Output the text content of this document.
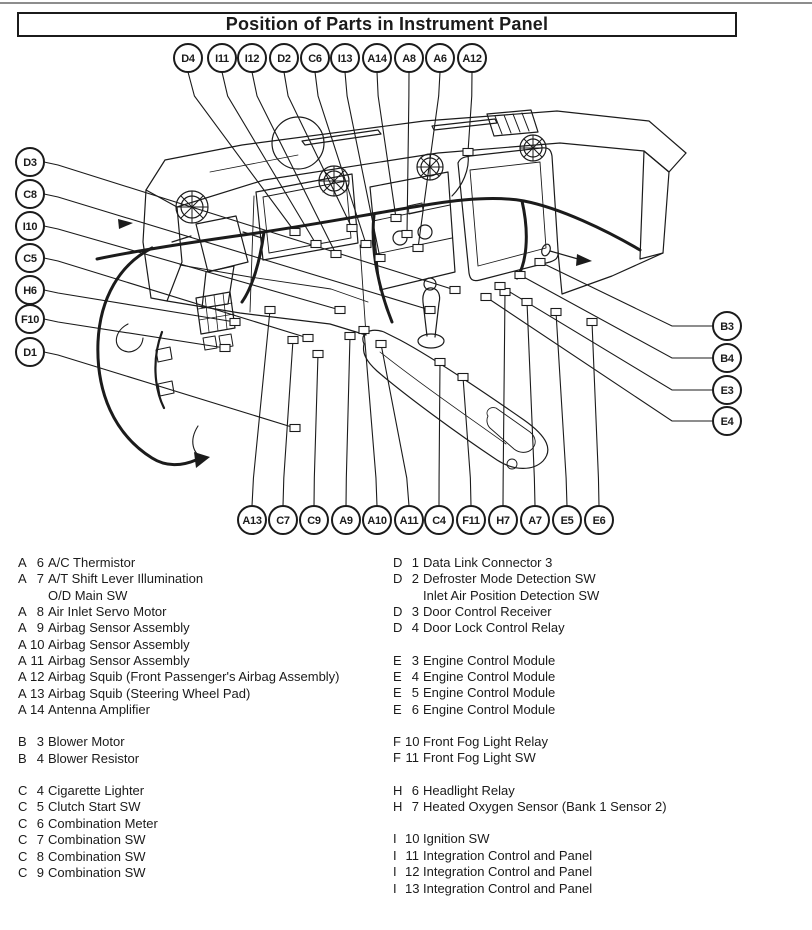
Position of Parts in Instrument Panel
D4 I11 I12 D2 C6 I13 A14 A8 A6 A12
A13 C7 C9 A9 A10 A11 C4 F11 H7 A7 E5 E6
D3
C8
I10
C5
H6
F10
D1
B3
B4
E3
E4
A 6 A/C Thermistor
A 7 A/T Shift Lever Illumination
O/D Main SW
A 8 Air Inlet Servo Motor
A 9 Airbag Sensor Assembly
A 10 Airbag Sensor Assembly
A 11 Airbag Sensor Assembly
A 12 Airbag Squib (Front Passenger's Airbag Assembly)
A 13 Airbag Squib (Steering Wheel Pad)
A 14 Antenna Amplifier
B 3 Blower Motor
B 4 Blower Resistor
C 4 Cigarette Lighter
C 5 Clutch Start SW
C 6 Combination Meter
C 7 Combination SW
C 8 Combination SW
C 9 Combination SW
D 1 Data Link Connector 3
D 2 Defroster Mode Detection SW
Inlet Air Position Detection SW
D 3 Door Control Receiver
D 4 Door Lock Control Relay
E 3 Engine Control Module
E 4 Engine Control Module
E 5 Engine Control Module
E 6 Engine Control Module
F 10 Front Fog Light Relay
F 11 Front Fog Light SW
H 6 Headlight Relay
H 7 Heated Oxygen Sensor (Bank 1 Sensor 2)
I 10 Ignition SW
I 11 Integration Control and Panel
I 12 Integration Control and Panel
I 13 Integration Control and Panel
